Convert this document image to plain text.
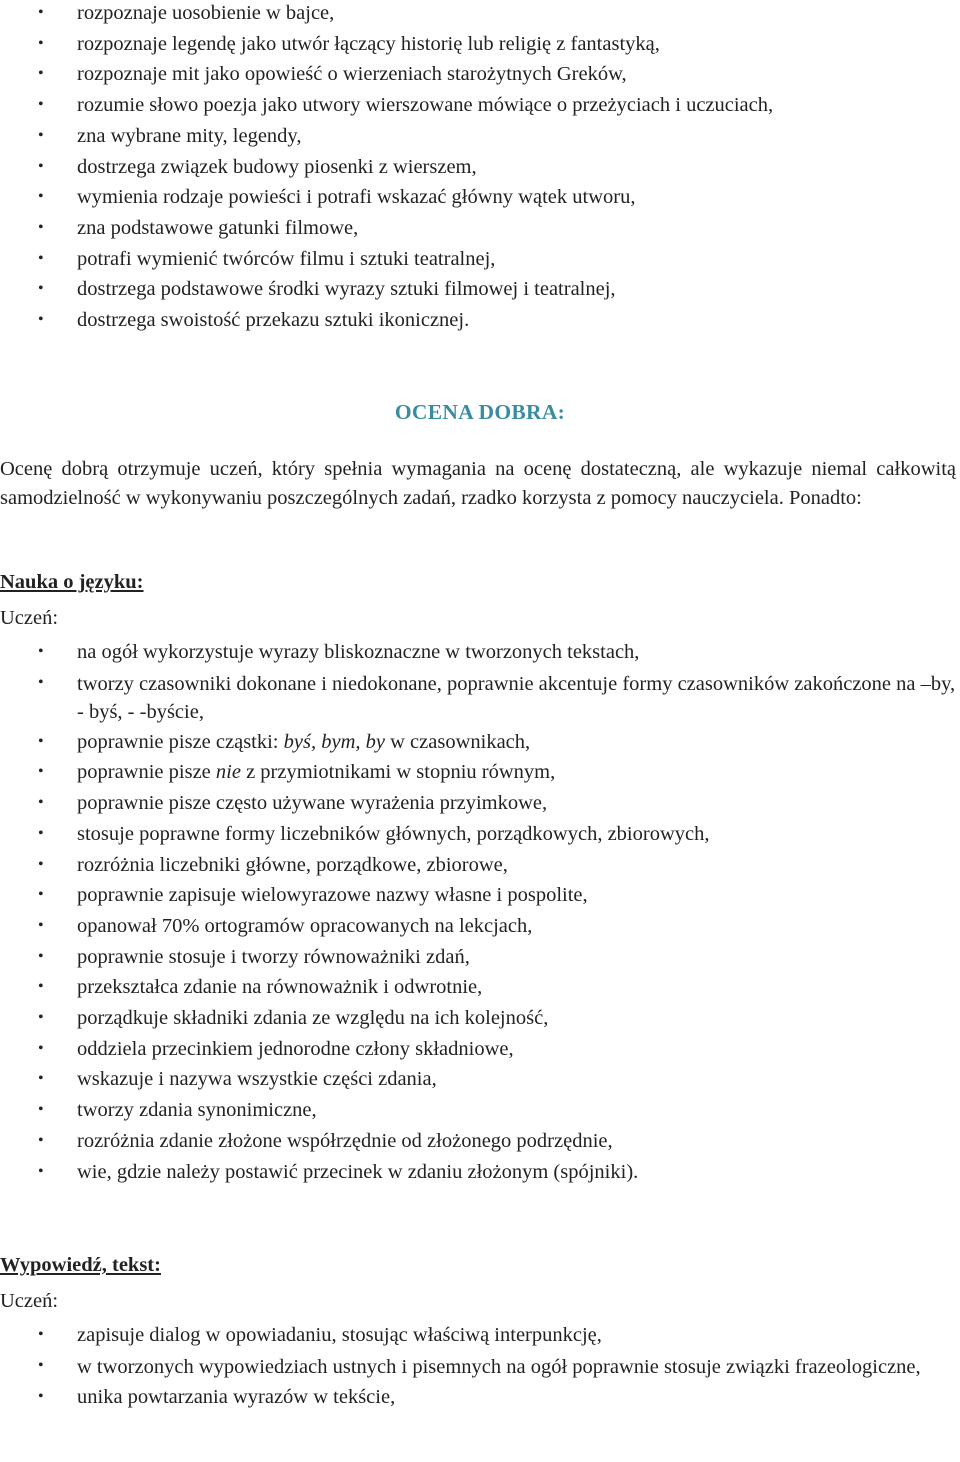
• rozpoznaje uosobienie w bajce,
• rozpoznaje legendę jako utwór łączący historię lub religię z fantastyką,
• rozpoznaje mit jako opowieść o wierzeniach starożytnych Greków,
• rozumie słowo poezja jako utwory wierszowane mówiące o przeżyciach i uczuciach,
• zna wybrane mity, legendy,
• dostrzega związek budowy piosenki z wierszem,
• wymienia rodzaje powieści i potrafi wskazać główny wątek utworu,
• zna podstawowe gatunki filmowe,
• potrafi wymienić twórców filmu i sztuki teatralnej,
• dostrzega podstawowe środki wyrazy sztuki filmowej i teatralnej,
• dostrzega swoistość przekazu sztuki ikonicznej.
OCENA DOBRA:

Ocenę dobrą otrzymuje uczeń, który spełnia wymagania na ocenę dostateczną, ale wykazuje niemal całkowitą samodzielność w wykonywaniu poszczególnych zadań, rzadko korzysta z pomocy nauczyciela. Ponadto:

Nauka o języku:

Uczeń:

• na ogół wykorzystuje wyrazy bliskoznaczne w tworzonych tekstach,
• tworzy czasowniki dokonane i niedokonane, poprawnie akcentuje formy czasowników zakończone na –by, - byś, - -byście,
• poprawnie pisze cząstki: byś, bym, by w czasownikach,
• poprawnie pisze nie z przymiotnikami w stopniu równym,
• poprawnie pisze często używane wyrażenia przyimkowe,
• stosuje poprawne formy liczebników głównych, porządkowych, zbiorowych,
• rozróżnia liczebniki główne, porządkowe, zbiorowe,
• poprawnie zapisuje wielowyrazowe nazwy własne i pospolite,
• opanował 70% ortogramów opracowanych na lekcjach,
• poprawnie stosuje i tworzy równoważniki zdań,
• przekształca zdanie na równoważnik i odwrotnie,
• porządkuje składniki zdania ze względu na ich kolejność,
• oddziela przecinkiem jednorodne człony składniowe,
• wskazuje i nazywa wszystkie części zdania,
• tworzy zdania synonimiczne,
• rozróżnia zdanie złożone współrzędnie od złożonego podrzędnie,
• wie, gdzie należy postawić przecinek w zdaniu złożonym (spójniki).
Wypowiedź, tekst:

Uczeń:

• zapisuje dialog w opowiadaniu, stosując właściwą interpunkcję,
• w tworzonych wypowiedziach ustnych i pisemnych na ogół poprawnie stosuje związki frazeologiczne,
• unika powtarzania wyrazów w tekście,
